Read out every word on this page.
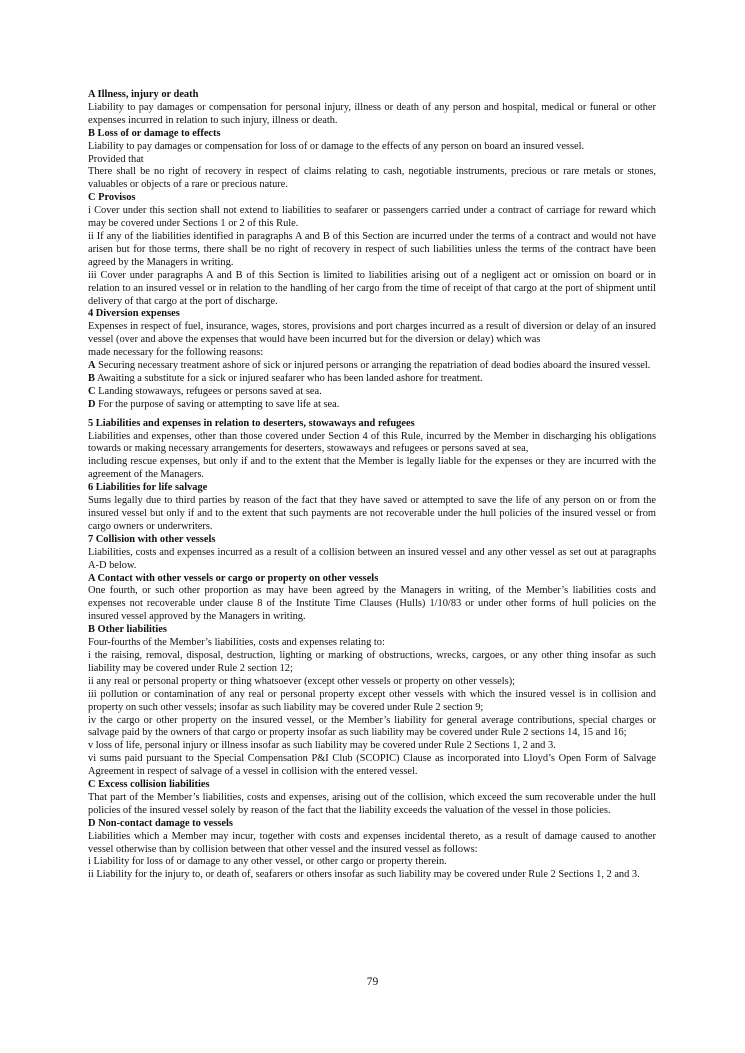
A Illness, injury or death

Liability to pay damages or compensation for personal injury, illness or death of any person and hospital, medical or funeral or other expenses incurred in relation to such injury, illness or death.

B Loss of or damage to effects

Liability to pay damages or compensation for loss of or damage to the effects of any person on board an insured vessel.

Provided that

There shall be no right of recovery in respect of claims relating to cash, negotiable instruments, precious or rare metals or stones, valuables or objects of a rare or precious nature.

C Provisos

i Cover under this section shall not extend to liabilities to seafarer or passengers carried under a contract of carriage for reward which may be covered under Sections 1 or 2 of this Rule.

ii If any of the liabilities identified in paragraphs A and B of this Section are incurred under the terms of a contract and would not have arisen but for those terms, there shall be no right of recovery in respect of such liabilities unless the terms of the contract have been agreed by the Managers in writing.

iii Cover under paragraphs A and B of this Section is limited to liabilities arising out of a negligent act or omission on board or in relation to an insured vessel or in relation to the handling of her cargo from the time of receipt of that cargo at the port of shipment until delivery of that cargo at the port of discharge.

4 Diversion expenses

Expenses in respect of fuel, insurance, wages, stores, provisions and port charges incurred as a result of diversion or delay of an insured vessel (over and above the expenses that would have been incurred but for the diversion or delay) which was

made necessary for the following reasons:

A Securing necessary treatment ashore of sick or injured persons or arranging the repatriation of dead bodies aboard the insured vessel.

B Awaiting a substitute for a sick or injured seafarer who has been landed ashore for treatment.

C Landing stowaways, refugees or persons saved at sea.

D For the purpose of saving or attempting to save life at sea.

5 Liabilities and expenses in relation to deserters, stowaways and refugees

Liabilities and expenses, other than those covered under Section 4 of this Rule, incurred by the Member in discharging his obligations towards or making necessary arrangements for deserters, stowaways and refugees or persons saved at sea,

including rescue expenses, but only if and to the extent that the Member is legally liable for the expenses or they are incurred with the agreement of the Managers.

6 Liabilities for life salvage

Sums legally due to third parties by reason of the fact that they have saved or attempted to save the life of any person on or from the insured vessel but only if and to the extent that such payments are not recoverable under the hull policies of the insured vessel or from cargo owners or underwriters.

7 Collision with other vessels

Liabilities, costs and expenses incurred as a result of a collision between an insured vessel and any other vessel as set out at paragraphs A-D below.

A Contact with other vessels or cargo or property on other vessels

One fourth, or such other proportion as may have been agreed by the Managers in writing, of the Member’s liabilities costs and expenses not recoverable under clause 8 of the Institute Time Clauses (Hulls) 1/10/83 or under other forms of hull policies on the insured vessel approved by the Managers in writing.

B Other liabilities

Four-fourths of the Member’s liabilities, costs and expenses relating to:

i the raising, removal, disposal, destruction, lighting or marking of obstructions, wrecks, cargoes, or any other thing insofar as such liability may be covered under Rule 2 section 12;

ii any real or personal property or thing whatsoever (except other vessels or property on other vessels);

iii pollution or contamination of any real or personal property except other vessels with which the insured vessel is in collision and property on such other vessels; insofar as such liability may be covered under Rule 2 section 9;

iv the cargo or other property on the insured vessel, or the Member’s liability for general average contributions, special charges or salvage paid by the owners of that cargo or property insofar as such liability may be covered under Rule 2 sections 14, 15 and 16;

v loss of life, personal injury or illness insofar as such liability may be covered under Rule 2 Sections 1, 2 and 3.

vi sums paid pursuant to the Special Compensation P&I Club (SCOPIC) Clause as incorporated into Lloyd’s Open Form of Salvage Agreement in respect of salvage of a vessel in collision with the entered vessel.

C Excess collision liabilities

That part of the Member’s liabilities, costs and expenses, arising out of the collision, which exceed the sum recoverable under the hull policies of the insured vessel solely by reason of the fact that the liability exceeds the valuation of the vessel in those policies.

D Non-contact damage to vessels

Liabilities which a Member may incur, together with costs and expenses incidental thereto, as a result of damage caused to another vessel otherwise than by collision between that other vessel and the insured vessel as follows:

i Liability for loss of or damage to any other vessel, or other cargo or property therein.

ii Liability for the injury to, or death of, seafarers or others insofar as such liability may be covered under Rule 2 Sections 1, 2 and 3.

79
